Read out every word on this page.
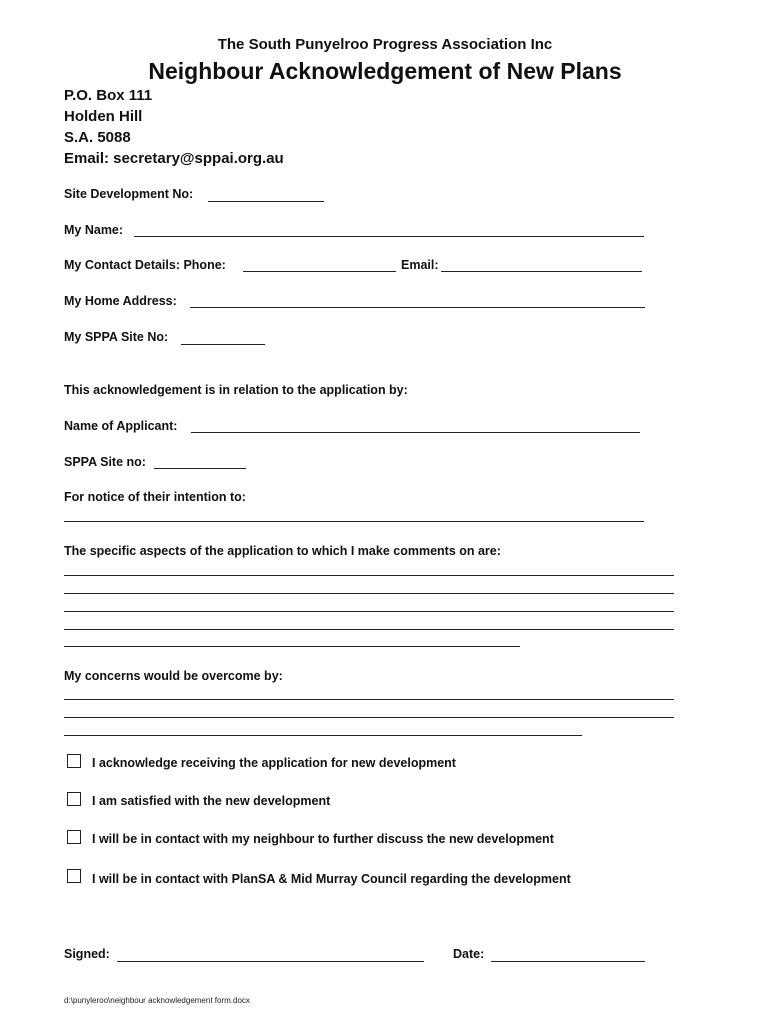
The South Punyelroo Progress Association Inc
Neighbour Acknowledgement of New Plans
P.O. Box 111
Holden Hill
S.A. 5088
Email: secretary@sppai.org.au
Site Development No:
My Name:
My Contact Details: Phone:	Email:
My Home Address:
My SPPA Site No:
This acknowledgement is in relation to the application by:
Name of Applicant:
SPPA Site no:
For notice of their intention to:
The specific aspects of the application to which I make comments on are:
My concerns would be overcome by:
I acknowledge receiving the application for new development
I am satisfied with the new development
I will be in contact with my neighbour to further discuss the new development
I will be in contact with PlanSA & Mid Murray Council regarding the development
Signed:	Date:
d:\punyleroo\neighbour acknowledgement form.docx
